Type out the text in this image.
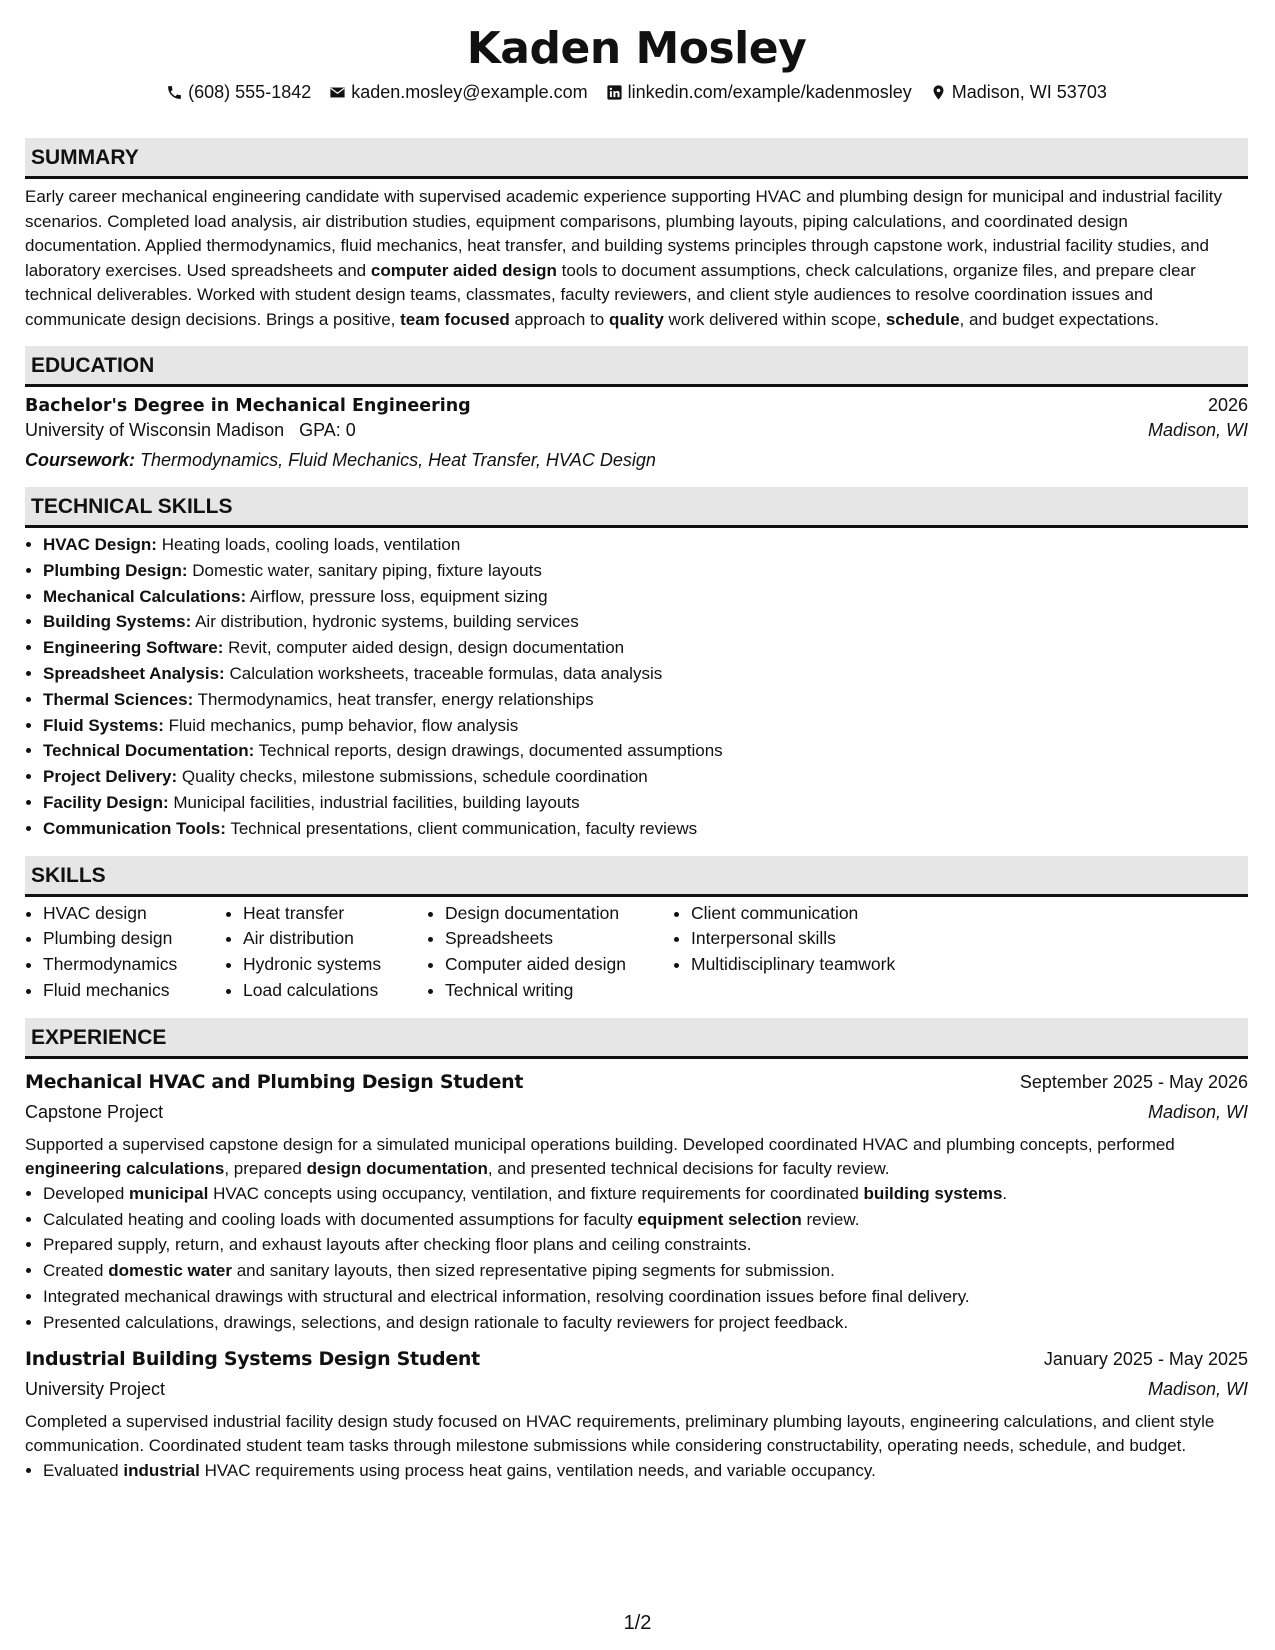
Kaden Mosley
(608) 555-1842 kaden.mosley@example.com linkedin.com/example/kadenmosley Madison, WI 53703
SUMMARY

Early career mechanical engineering candidate with supervised academic experience supporting HVAC and plumbing design for municipal and industrial facility scenarios. Completed load analysis, air distribution studies, equipment comparisons, plumbing layouts, piping calculations, and coordinated design documentation. Applied thermodynamics, fluid mechanics, heat transfer, and building systems principles through capstone work, industrial facility studies, and laboratory exercises. Used spreadsheets and computer aided design tools to document assumptions, check calculations, organize files, and prepare clear technical deliverables. Worked with student design teams, classmates, faculty reviewers, and client style audiences to resolve coordination issues and communicate design decisions. Brings a positive, team focused approach to quality work delivered within scope, schedule, and budget expectations.

EDUCATION
Bachelor's Degree in Mechanical Engineering	2026
University of Wisconsin Madison GPA: 0	Madison, WI
Coursework: Thermodynamics, Fluid Mechanics, Heat Transfer, HVAC Design
TECHNICAL SKILLS
• HVAC Design: Heating loads, cooling loads, ventilation
• Plumbing Design: Domestic water, sanitary piping, fixture layouts
• Mechanical Calculations: Airflow, pressure loss, equipment sizing
• Building Systems: Air distribution, hydronic systems, building services
• Engineering Software: Revit, computer aided design, design documentation
• Spreadsheet Analysis: Calculation worksheets, traceable formulas, data analysis
• Thermal Sciences: Thermodynamics, heat transfer, energy relationships
• Fluid Systems: Fluid mechanics, pump behavior, flow analysis
• Technical Documentation: Technical reports, design drawings, documented assumptions
• Project Delivery: Quality checks, milestone submissions, schedule coordination
• Facility Design: Municipal facilities, industrial facilities, building layouts
• Communication Tools: Technical presentations, client communication, faculty reviews
SKILLS
• HVAC design
• Plumbing design
• Thermodynamics
• Fluid mechanics
• Heat transfer
• Air distribution
• Hydronic systems
• Load calculations
• Design documentation
• Spreadsheets
• Computer aided design
• Technical writing
• Client communication
• Interpersonal skills
• Multidisciplinary teamwork
EXPERIENCE
Mechanical HVAC and Plumbing Design Student	September 2025 - May 2026
Capstone Project	Madison, WI
Supported a supervised capstone design for a simulated municipal operations building. Developed coordinated HVAC and plumbing concepts, performed engineering calculations, prepared design documentation, and presented technical decisions for faculty review.
• Developed municipal HVAC concepts using occupancy, ventilation, and fixture requirements for coordinated building systems.
• Calculated heating and cooling loads with documented assumptions for faculty equipment selection review.
• Prepared supply, return, and exhaust layouts after checking floor plans and ceiling constraints.
• Created domestic water and sanitary layouts, then sized representative piping segments for submission.
• Integrated mechanical drawings with structural and electrical information, resolving coordination issues before final delivery.
• Presented calculations, drawings, selections, and design rationale to faculty reviewers for project feedback.
Industrial Building Systems Design Student	January 2025 - May 2025
University Project	Madison, WI
Completed a supervised industrial facility design study focused on HVAC requirements, preliminary plumbing layouts, engineering calculations, and client style communication. Coordinated student team tasks through milestone submissions while considering constructability, operating needs, schedule, and budget.
• Evaluated industrial HVAC requirements using process heat gains, ventilation needs, and variable occupancy.
1/2
